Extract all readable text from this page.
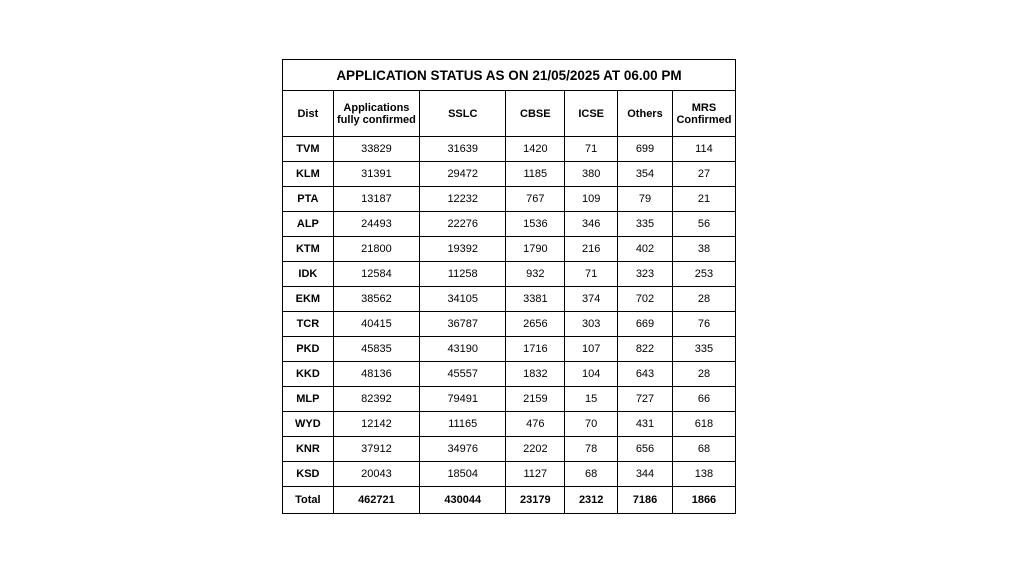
APPLICATION STATUS AS ON 21/05/2025 AT 06.00 PM						
Dist	Applications fully confirmed	SSLC	CBSE	ICSE	Others	MRS Confirmed
TVM	33829	31639	1420	71	699	114
KLM	31391	29472	1185	380	354	27
PTA	13187	12232	767	109	79	21
ALP	24493	22276	1536	346	335	56
KTM	21800	19392	1790	216	402	38
IDK	12584	11258	932	71	323	253
EKM	38562	34105	3381	374	702	28
TCR	40415	36787	2656	303	669	76
PKD	45835	43190	1716	107	822	335
KKD	48136	45557	1832	104	643	28
MLP	82392	79491	2159	15	727	66
WYD	12142	11165	476	70	431	618
KNR	37912	34976	2202	78	656	68
KSD	20043	18504	1127	68	344	138
Total	462721	430044	23179	2312	7186	1866
